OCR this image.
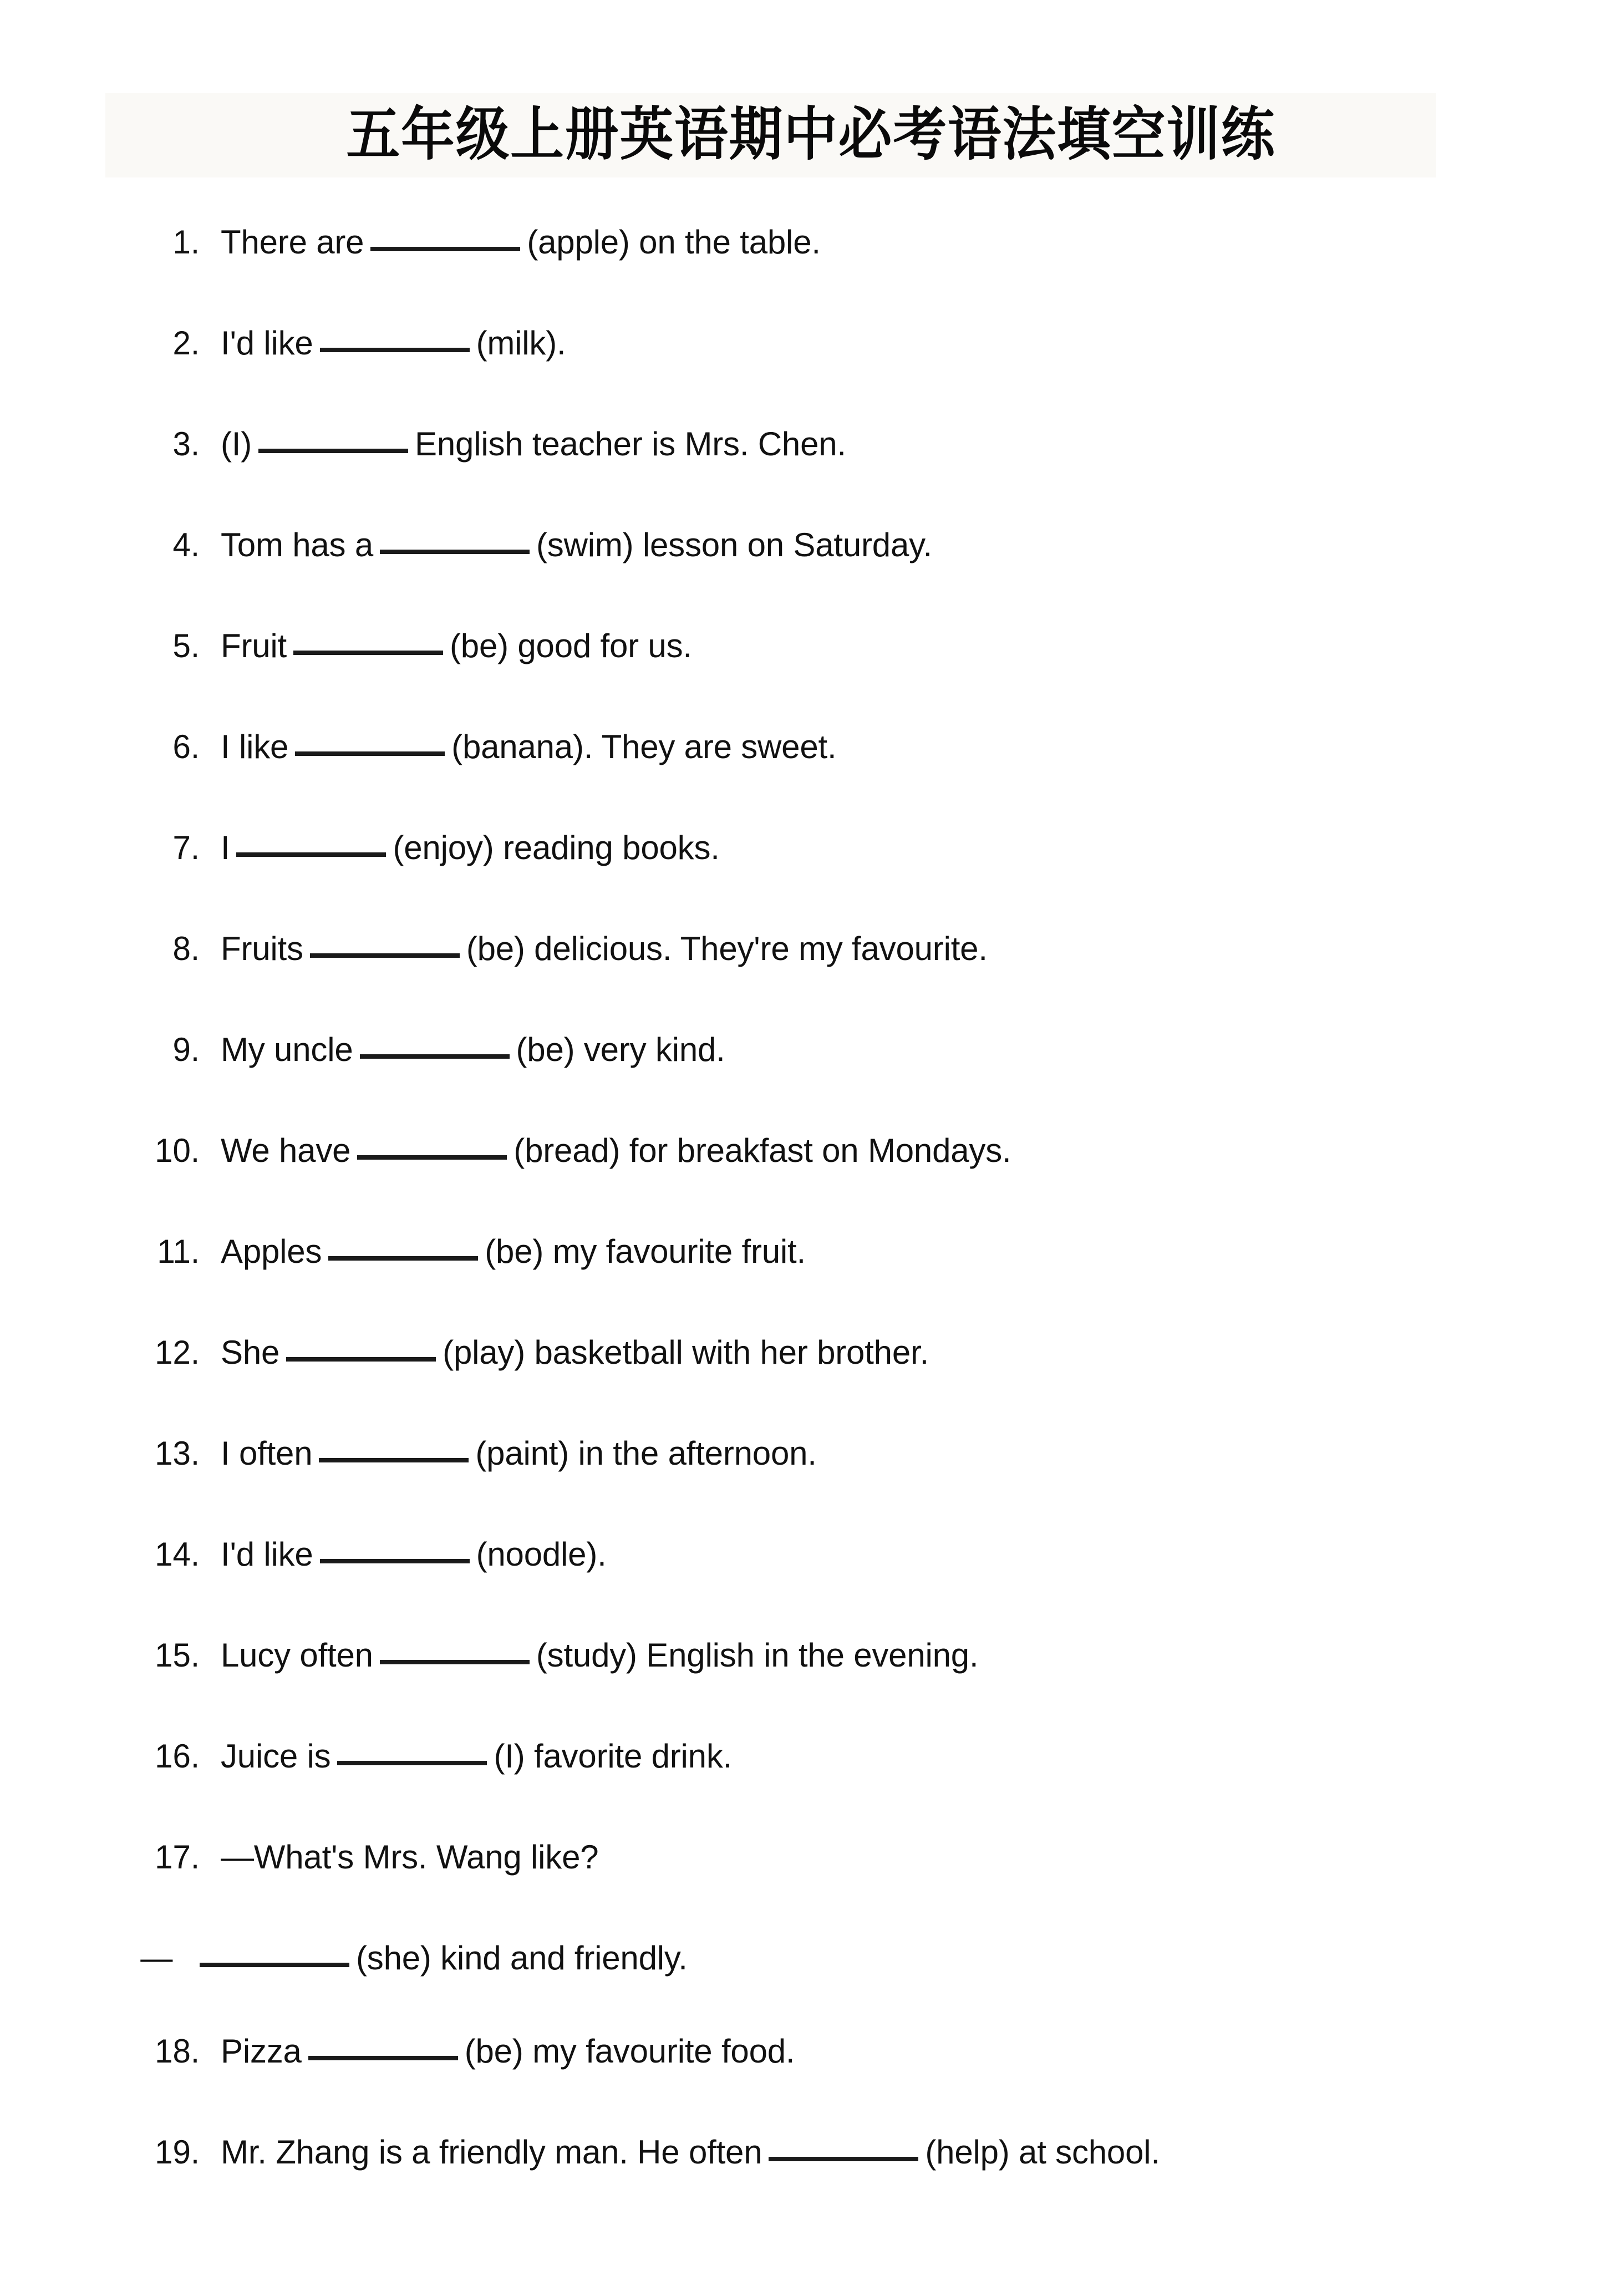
五年级上册英语期中必考语法填空训练
1. There are	(apple) on the table.
2. I'd like	(milk).
3. (I)	English teacher is Mrs. Chen.
4. Tom has a	(swim) lesson on Saturday.
5. Fruit	(be) good for us.
6. I like	(banana). They are sweet.
7. I	(enjoy) reading books.
8. Fruits	(be) delicious. They're my favourite.
9. My uncle	(be) very kind.
10. We have	(bread) for breakfast on Mondays.
11. Apples	(be) my favourite fruit.
12. She	(play) basketball with her brother.
13. I often	(paint) in the afternoon.
14. I'd like	(noodle).
15. Lucy often	(study) English in the evening.
16. Juice is	(I) favorite drink.
17. —What's Mrs. Wang like?
—	(she) kind and friendly.
18. Pizza	(be) my favourite food.
19. Mr. Zhang is a friendly man. He often	(help) at school.
